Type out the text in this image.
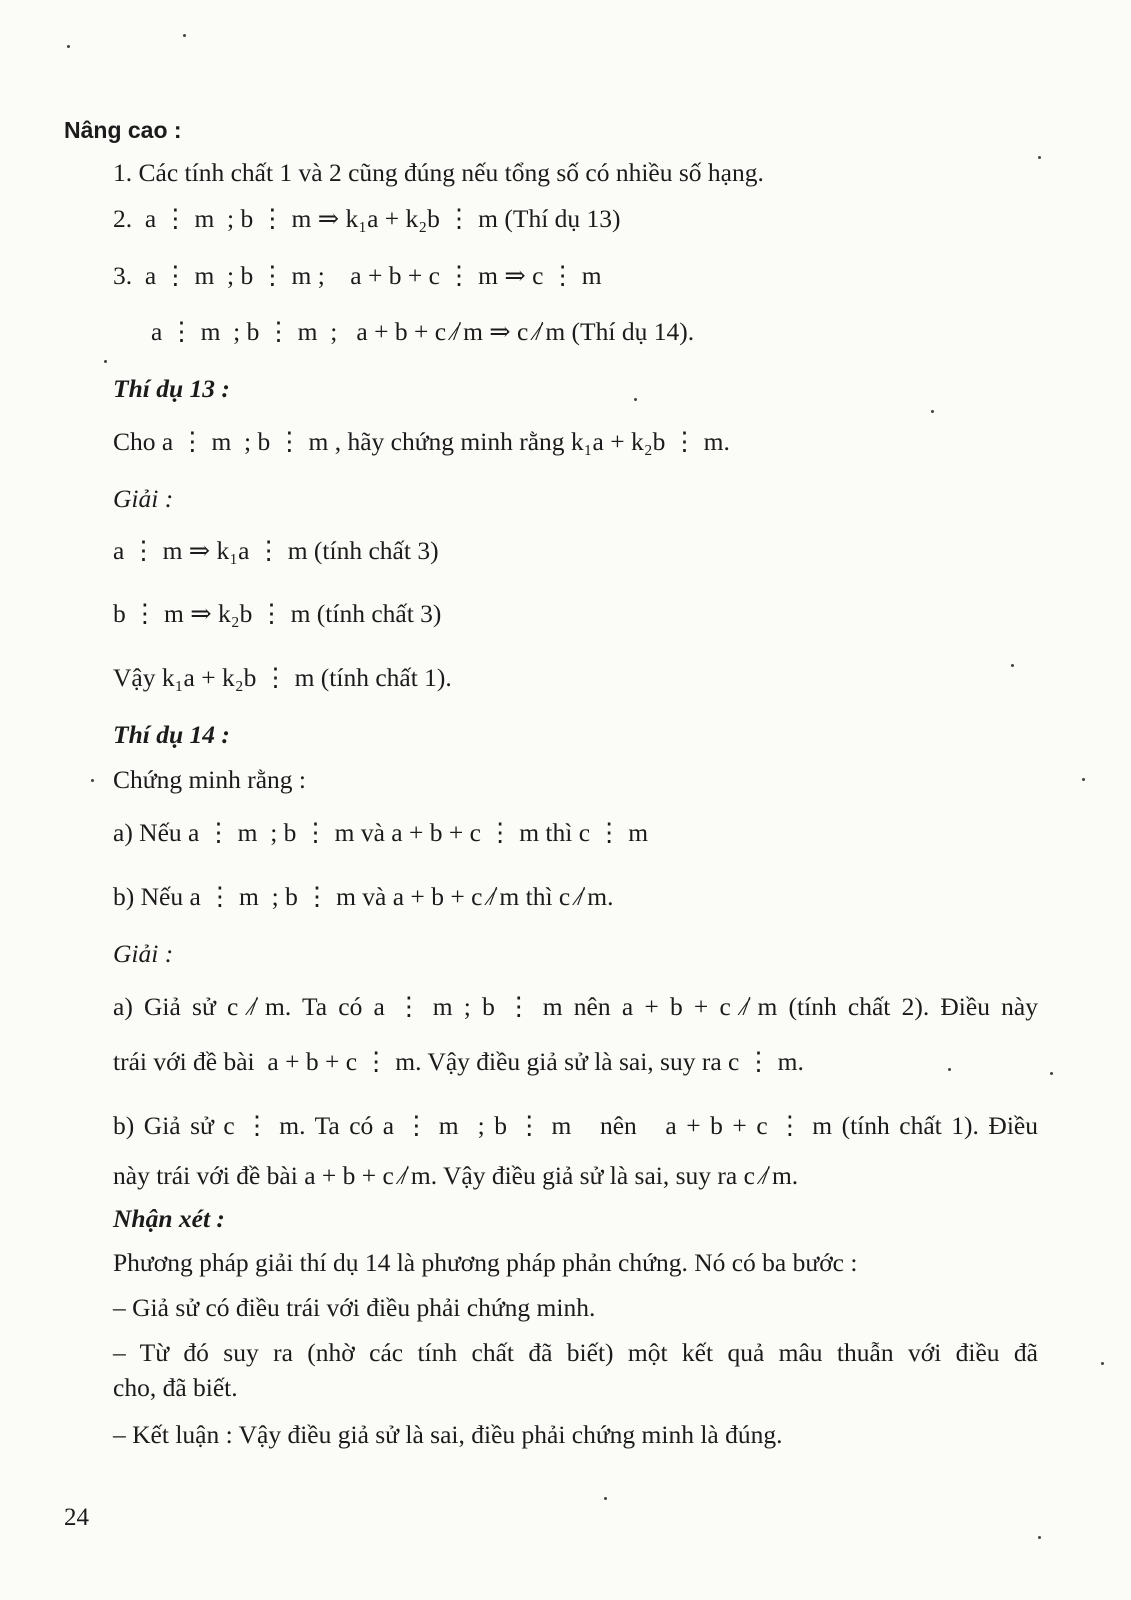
Nâng cao :
1. Các tính chất 1 và 2 cũng đúng nếu tổng số có nhiều số hạng.
2.  a ⋮ m  ; b ⋮ m ⇒ k₁a + k₂b ⋮ m (Thí dụ 13)
3.  a ⋮ m  ; b ⋮ m ;    a + b + c ⋮ m ⇒ c ⋮ m
a ⋮ m  ; b ⋮ m  ;   a + b + c ⁄̸ m ⇒ c ⁄̸ m (Thí dụ 14).
Thí dụ 13 :
Cho a ⋮ m  ; b ⋮ m , hãy chứng minh rằng k₁a + k₂b ⋮ m.
Giải :
a ⋮ m ⇒ k₁a ⋮ m (tính chất 3)
b ⋮ m ⇒ k₂b ⋮ m (tính chất 3)
Vậy k₁a + k₂b ⋮ m (tính chất 1).
Thí dụ 14 :
Chứng minh rằng :
a) Nếu a ⋮ m  ; b ⋮ m và a + b + c ⋮ m thì c ⋮ m
b) Nếu a ⋮ m  ; b ⋮ m và a + b + c ⁄̸ m thì c ⁄̸ m.
Giải :
a) Giả sử c ⁄̸ m. Ta có a ⋮ m ; b ⋮ m nên a + b + c ⁄̸ m (tính chất 2). Điều này
trái với đề bài  a + b + c ⋮ m. Vậy điều giả sử là sai, suy ra c ⋮ m.
b) Giả sử c ⋮ m. Ta có a ⋮ m  ; b ⋮ m   nên   a + b + c ⋮ m (tính chất 1). Điều
này trái với đề bài a + b + c ⁄̸ m. Vậy điều giả sử là sai, suy ra c ⁄̸ m.
Nhận xét :
Phương pháp giải thí dụ 14 là phương pháp phản chứng. Nó có ba bước :
– Giả sử có điều trái với điều phải chứng minh.
– Từ đó suy ra (nhờ các tính chất đã biết) một kết quả mâu thuẫn với điều đã
cho, đã biết.
– Kết luận : Vậy điều giả sử là sai, điều phải chứng minh là đúng.
24
